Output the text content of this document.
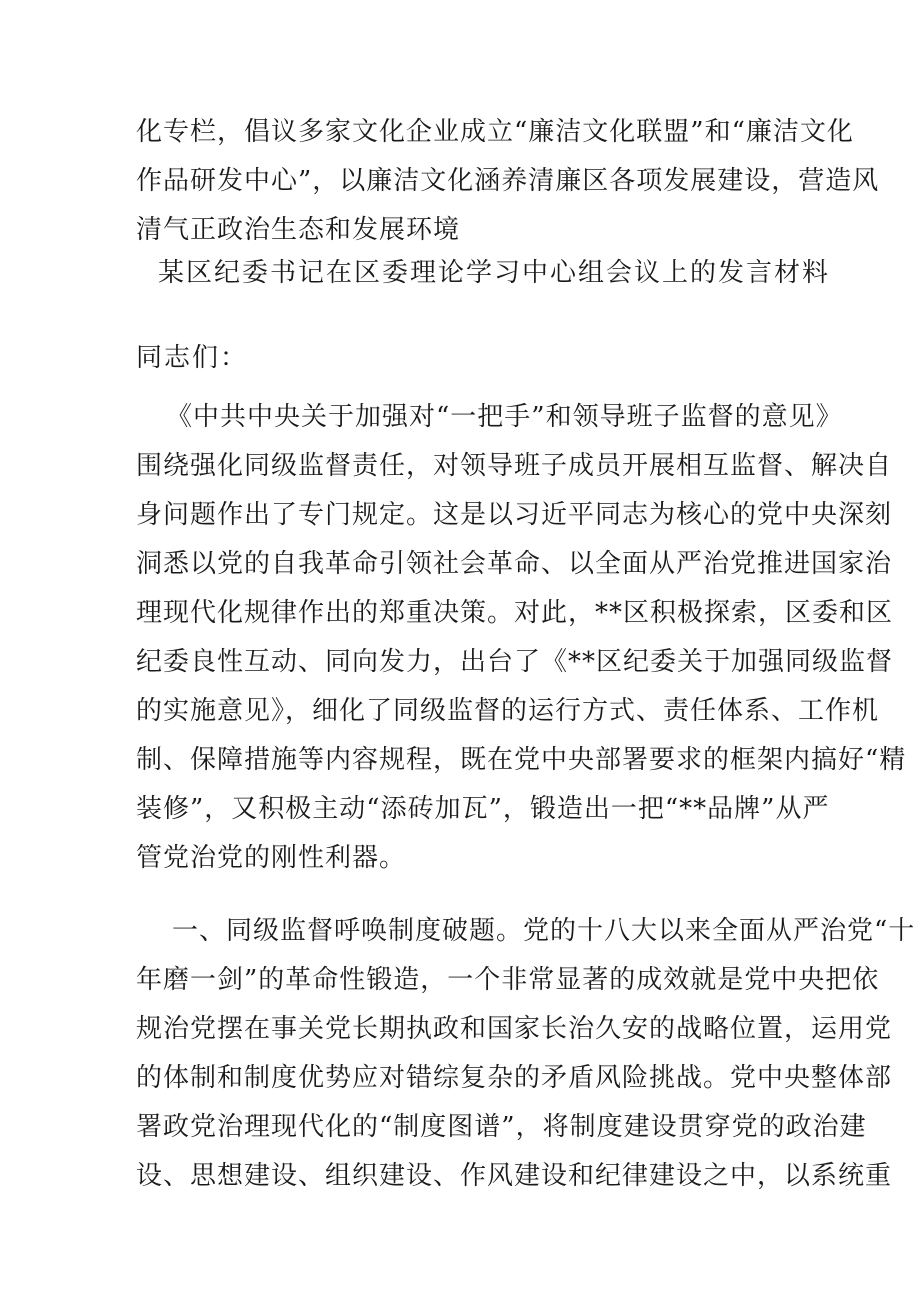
化专栏，倡议多家文化企业成立“廉洁文化联盟”和“廉洁文化
作品研发中心”，以廉洁文化涵养清廉区各项发展建设，营造风
清气正政治生态和发展环境
某区纪委书记在区委理论学习中心组会议上的发言材料
同志们：
《中共中央关于加强对“一把手”和领导班子监督的意见》
围绕强化同级监督责任，对领导班子成员开展相互监督、解决自
身问题作出了专门规定。这是以习近平同志为核心的党中央深刻
洞悉以党的自我革命引领社会革命、以全面从严治党推进国家治
理现代化规律作出的郑重决策。对此，**区积极探索，区委和区
纪委良性互动、同向发力，出台了《**区纪委关于加强同级监督
的实施意见》，细化了同级监督的运行方式、责任体系、工作机
制、保障措施等内容规程，既在党中央部署要求的框架内搞好“精
装修”，又积极主动“添砖加瓦”，锻造出一把“**品牌”从严
管党治党的刚性利器。
一、同级监督呼唤制度破题。党的十八大以来全面从严治党“十
年磨一剑”的革命性锻造，一个非常显著的成效就是党中央把依
规治党摆在事关党长期执政和国家长治久安的战略位置，运用党
的体制和制度优势应对错综复杂的矛盾风险挑战。党中央整体部
署政党治理现代化的“制度图谱”，将制度建设贯穿党的政治建
设、思想建设、组织建设、作风建设和纪律建设之中，以系统重
